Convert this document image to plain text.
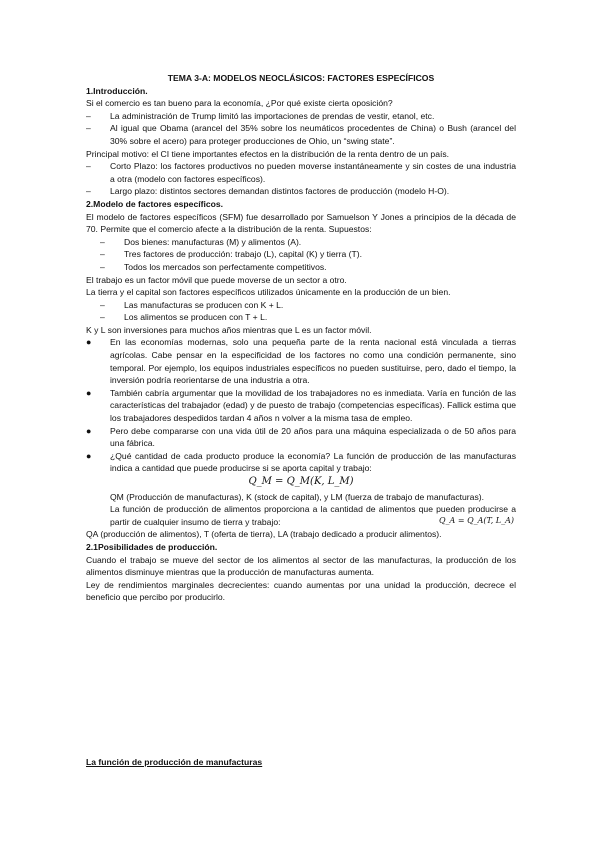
TEMA 3-A: MODELOS NEOCLÁSICOS: FACTORES ESPECÍFICOS
1.Introducción.
Si el comercio es tan bueno para la economía, ¿Por qué existe cierta oposición?
–	La administración de Trump limitó las importaciones de prendas de vestir, etanol, etc.
–	Al igual que Obama (arancel del 35% sobre los neumáticos procedentes de China) o Bush (arancel del 30% sobre el acero) para proteger producciones de Ohio, un “swing state”.
Principal motivo: el CI tiene importantes efectos en la distribución de la renta dentro de un país.
–	Corto Plazo: los factores productivos no pueden moverse instantáneamente y sin costes de una industria a otra (modelo con factores específicos).
–	Largo plazo: distintos sectores demandan distintos factores de producción (modelo H-O).
2.Modelo de factores específicos.
El modelo de factores específicos (SFM) fue desarrollado por Samuelson Y Jones a principios de la década de 70. Permite que el comercio afecte a la distribución de la renta. Supuestos:
–	Dos bienes: manufacturas (M) y alimentos (A).
–	Tres factores de producción: trabajo (L), capital (K) y tierra (T).
–	Todos los mercados son perfectamente competitivos.
El trabajo es un factor móvil que puede moverse de un sector a otro.
La tierra y el capital son factores específicos utilizados únicamente en la producción de un bien.
–	Las manufacturas se producen con K + L.
–	Los alimentos se producen con T + L.
K y L son inversiones para muchos años mientras que L es un factor móvil.
●	En las economías modernas, solo una pequeña parte de la renta nacional está vinculada a tierras agrícolas. Cabe pensar en la especificidad de los factores no como una condición permanente, sino temporal. Por ejemplo, los equipos industriales específicos no pueden sustituirse, pero, dado el tiempo, la inversión podría reorientarse de una industria a otra.
●	También cabría argumentar que la movilidad de los trabajadores no es inmediata. Varía en función de las características del trabajador (edad) y de puesto de trabajo (competencias específicas). Fallick estima que los trabajadores despedidos tardan 4 años n volver a la misma tasa de empleo.
●	Pero debe compararse con una vida útil de 20 años para una máquina especializada o de 50 años para una fábrica.
●	¿Qué cantidad de cada producto produce la economía? La función de producción de las manufacturas indica a cantidad que puede producirse si se aporta capital y trabajo:
Q_M = Q_M(K, L_M)
QM (Producción de manufacturas), K (stock de capital), y LM (fuerza de trabajo de manufacturas).
La función de producción de alimentos proporciona a la cantidad de alimentos que pueden producirse a partir de cualquier insumo de tierra y trabajo:	Q_A = Q_A(T, L_A)
QA (producción de alimentos), T (oferta de tierra), LA (trabajo dedicado a producir alimentos).
2.1Posibilidades de producción.
Cuando el trabajo se mueve del sector de los alimentos al sector de las manufacturas, la producción de los alimentos disminuye mientras que la producción de manufacturas aumenta.
Ley de rendimientos marginales decrecientes: cuando aumentas por una unidad la producción, decrece el beneficio que percibo por producirlo.
La función de producción de manufacturas
